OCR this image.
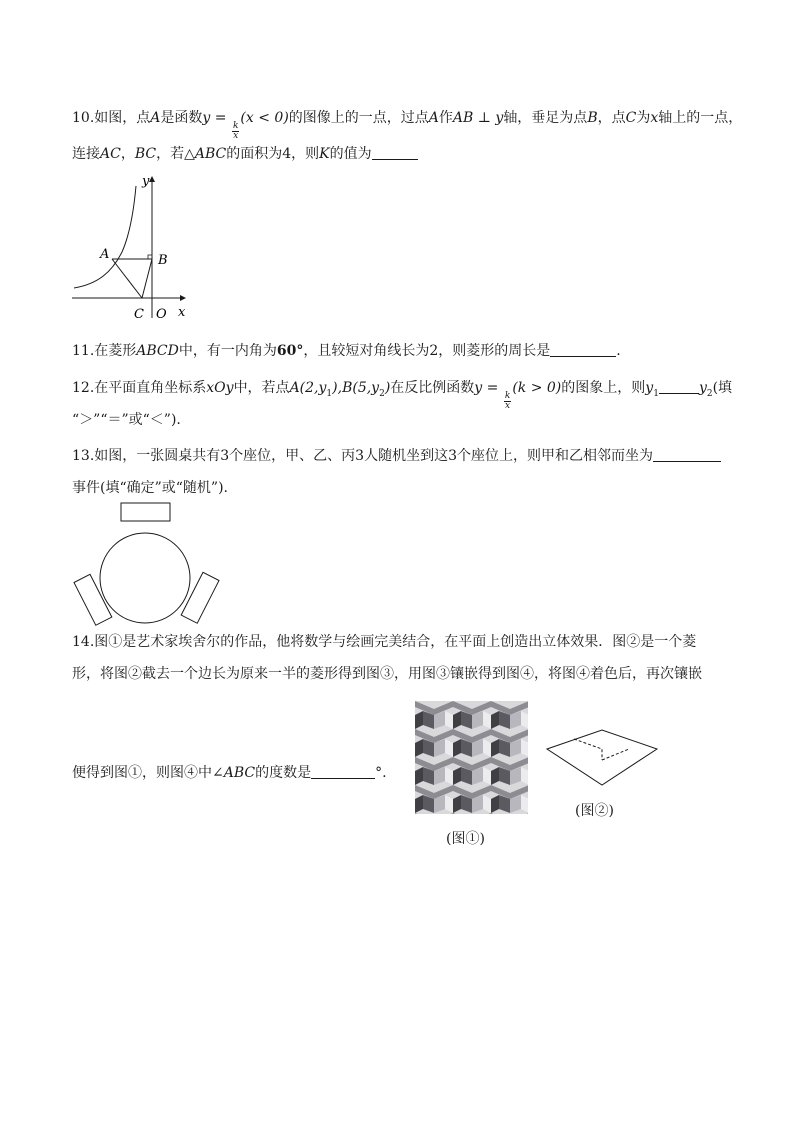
10.如图，点A是函数y =
$\frac{k}{x}$
(x < 0)的图像上的一点，过点A作AB ⊥ y轴，垂足为点B，点C为x轴上的一点，
连接AC，BC，若△ABC的面积为4，则K的值为
y
x
A	B
C O
11.在菱形ABCD中，有一内角为60°，且较短对角线长为2，则菱形的周长是	.
12.在平面直角坐标系xOy中，若点$A(2,y_1),B(5,y_2)$在反比例函数y =
$\frac{k}{x}$
(k > 0)的图象上，则$y_1$	$y_2$(填
“＞”“＝”或“＜”).
13.如图，一张圆桌共有3个座位，甲、乙、丙3人随机坐到这3个座位上，则甲和乙相邻而坐为
事件(填“确定”或“随机”).
14.图①是艺术家埃舍尔的作品，他将数学与绘画完美结合，在平面上创造出立体效果．图②是一个菱
形，将图②截去一个边长为原来一半的菱形得到图③，用图③镶嵌得到图④，将图④着色后，再次镶嵌
便得到图①，则图④中∠ABC的度数是	°.
(图①)
(图②)
